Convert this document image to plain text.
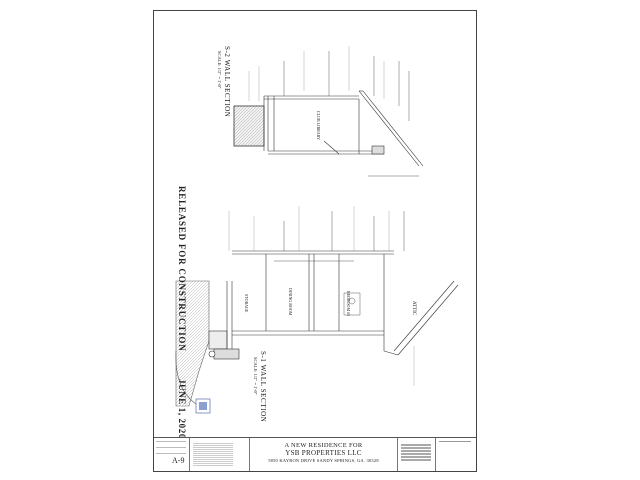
RELEASED FOR CONSTRUCTION
JUNE 1, 2020
S-2 WALL SECTION
SCALE: 1/2" = 1'-0"
S-1 WALL SECTION
SCALE: 1/2" = 1'-0"
CLUB LIBRARY
STORAGE	DINING ROOM	BEDROOM #3	ATTIC
A-9
A NEW RESIDENCE FOR
YSB PROPERTIES LLC
5850 KAYRON DRIVE SANDY SPRINGS, GA. 30328
